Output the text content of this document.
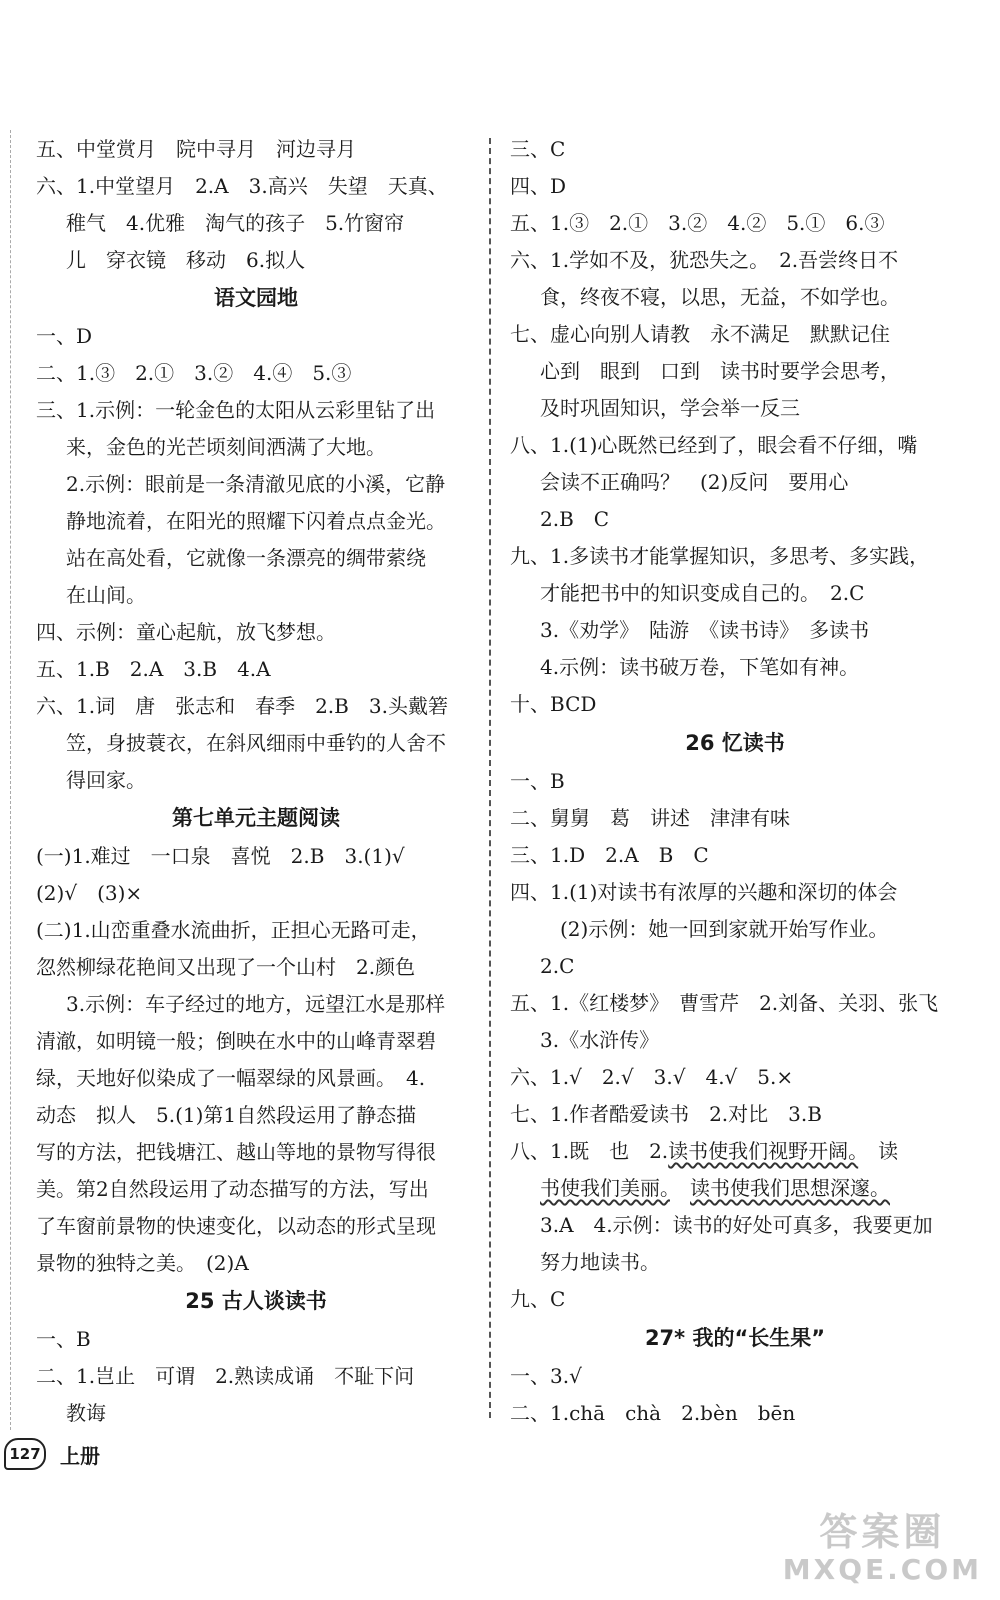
五、中堂赏月　院中寻月　河边寻月
六、1.中堂望月　2.A　3.高兴　失望　天真、
稚气　4.优雅　淘气的孩子　5.竹窗帘
儿　穿衣镜　移动　6.拟人
语文园地
一、D
二、1.③　2.①　3.②　4.④　5.③
三、1.示例：一轮金色的太阳从云彩里钻了出
来，金色的光芒顷刻间洒满了大地。
2.示例：眼前是一条清澈见底的小溪，它静
静地流着，在阳光的照耀下闪着点点金光。
站在高处看，它就像一条漂亮的绸带萦绕
在山间。
四、示例：童心起航，放飞梦想。
五、1.B　2.A　3.B　4.A
六、1.词　唐　张志和　春季　2.B　3.头戴箬
笠，身披蓑衣，在斜风细雨中垂钓的人舍不
得回家。
第七单元主题阅读
(一)1.难过　一口泉　喜悦　2.B　3.(1)√
(2)√　(3)×
(二)1.山峦重叠水流曲折，正担心无路可走，
忽然柳绿花艳间又出现了一个山村　2.颜色
3.示例：车子经过的地方，远望江水是那样
清澈，如明镜一般；倒映在水中的山峰青翠碧
绿，天地好似染成了一幅翠绿的风景画。　4.
动态　拟人　5.(1)第1自然段运用了静态描
写的方法，把钱塘江、越山等地的景物写得很
美。第2自然段运用了动态描写的方法，写出
了车窗前景物的快速变化，以动态的形式呈现
景物的独特之美。　(2)A
25 古人谈读书
一、B
二、1.岂止　可谓　2.熟读成诵　不耻下问
教诲
三、C
四、D
五、1.③　2.①　3.②　4.②　5.①　6.③
六、1.学如不及，犹恐失之。　2.吾尝终日不
食，终夜不寝，以思，无益，不如学也。
七、虚心向别人请教　永不满足　默默记住
心到　眼到　口到　读书时要学会思考，
及时巩固知识，学会举一反三
八、1.(1)心既然已经到了，眼会看不仔细，嘴
会读不正确吗？　(2)反问　要用心
2.B　C
九、1.多读书才能掌握知识，多思考、多实践，
才能把书中的知识变成自己的。　2.C
3.《劝学》　陆游　《读书诗》　多读书
4.示例：读书破万卷，下笔如有神。
十、BCD
26 忆读书
一、B
二、舅舅　葛　讲述　津津有味
三、1.D　2.A　B　C
四、1.(1)对读书有浓厚的兴趣和深切的体会
(2)示例：她一回到家就开始写作业。
2.C
五、1.《红楼梦》　曹雪芹　2.刘备、关羽、张飞
3.《水浒传》
六、1.√　2.√　3.√　4.√　5.×
七、1.作者酷爱读书　2.对比　3.B
八、1.既　也　2.读书使我们视野开阔。　读
书使我们美丽。　 读书使我们思想深邃。
3.A　4.示例：读书的好处可真多，我要更加
努力地读书。
九、C
27* 我的“长生果”
一、3.√
二、1.chā　chà　2.bèn　bēn
127 上册
答案圈
MXQE.COM
